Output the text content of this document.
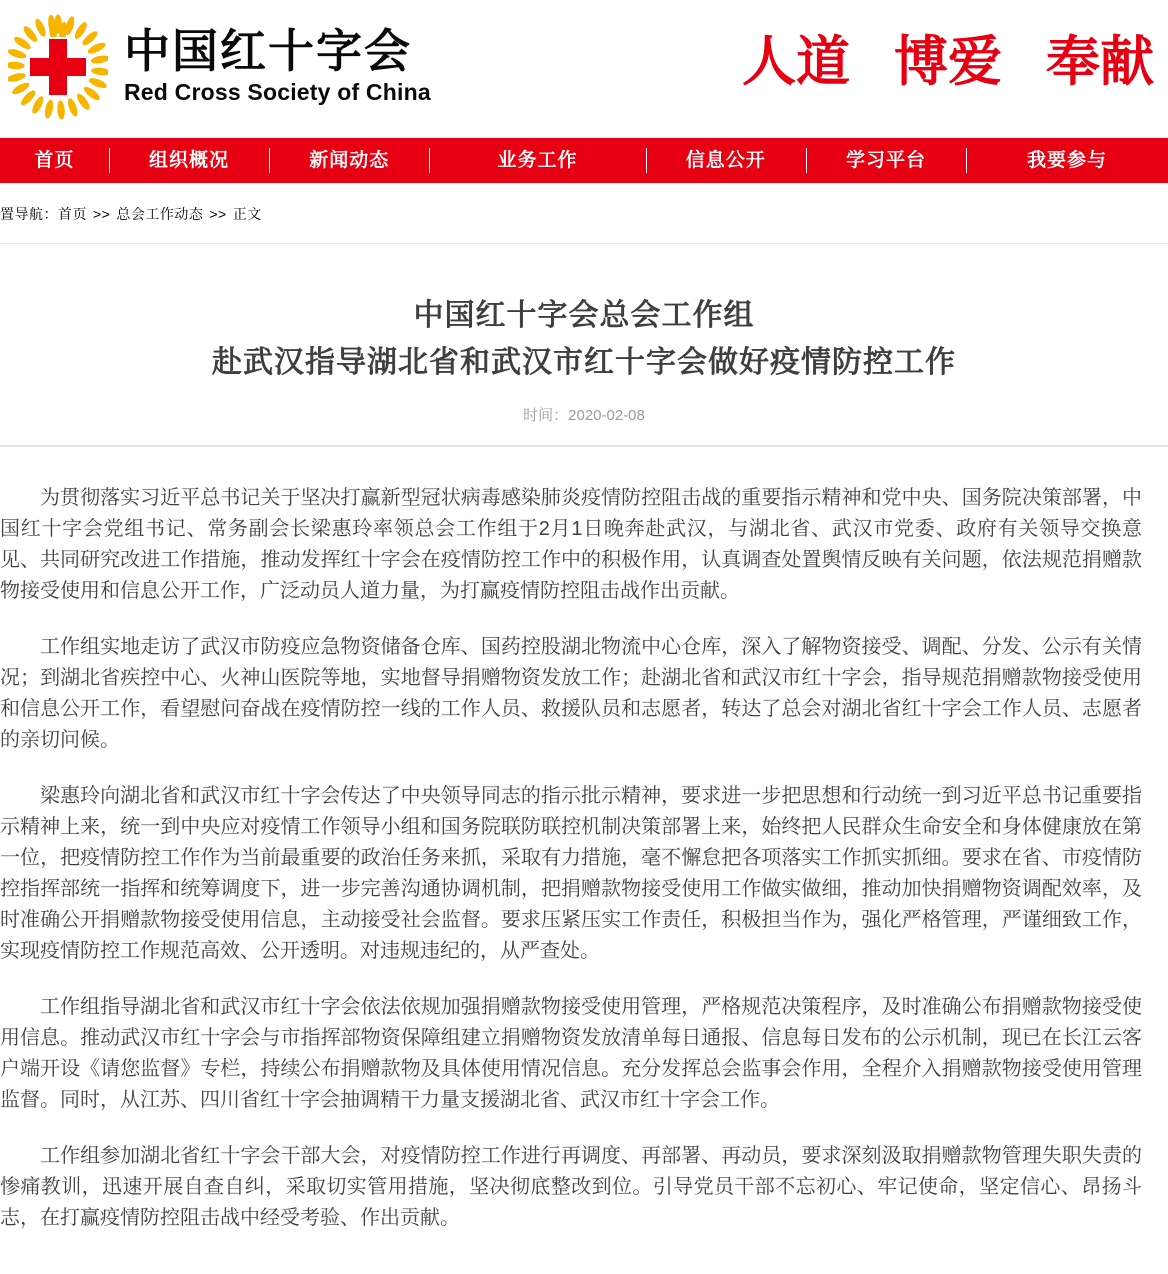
中国红十字会
Red Cross Society of China	人道 博爱 奉献
首页	组织概况	新闻动态	业务工作	信息公开	学习平台	我要参与
置导航：首页 >> 总会工作动态 >> 正文
中国红十字会总会工作组
赴武汉指导湖北省和武汉市红十字会做好疫情防控工作
时间：2020-02-08

为贯彻落实习近平总书记关于坚决打赢新型冠状病毒感染肺炎疫情防控阻击战的重要指示精神和党中央、国务院决策部署，中国红十字会党组书记、常务副会长梁惠玲率领总会工作组于2月1日晚奔赴武汉，与湖北省、武汉市党委、政府有关领导交换意见、共同研究改进工作措施，推动发挥红十字会在疫情防控工作中的积极作用，认真调查处置舆情反映有关问题，依法规范捐赠款物接受使用和信息公开工作，广泛动员人道力量，为打赢疫情防控阻击战作出贡献。

工作组实地走访了武汉市防疫应急物资储备仓库、国药控股湖北物流中心仓库，深入了解物资接受、调配、分发、公示有关情况；到湖北省疾控中心、火神山医院等地，实地督导捐赠物资发放工作；赴湖北省和武汉市红十字会，指导规范捐赠款物接受使用和信息公开工作，看望慰问奋战在疫情防控一线的工作人员、救援队员和志愿者，转达了总会对湖北省红十字会工作人员、志愿者的亲切问候。

梁惠玲向湖北省和武汉市红十字会传达了中央领导同志的指示批示精神，要求进一步把思想和行动统一到习近平总书记重要指示精神上来，统一到中央应对疫情工作领导小组和国务院联防联控机制决策部署上来，始终把人民群众生命安全和身体健康放在第一位，把疫情防控工作作为当前最重要的政治任务来抓，采取有力措施，毫不懈怠把各项落实工作抓实抓细。要求在省、市疫情防控指挥部统一指挥和统筹调度下，进一步完善沟通协调机制，把捐赠款物接受使用工作做实做细，推动加快捐赠物资调配效率，及时准确公开捐赠款物接受使用信息，主动接受社会监督。要求压紧压实工作责任，积极担当作为，强化严格管理，严谨细致工作，实现疫情防控工作规范高效、公开透明。对违规违纪的，从严查处。

工作组指导湖北省和武汉市红十字会依法依规加强捐赠款物接受使用管理，严格规范决策程序，及时准确公布捐赠款物接受使用信息。推动武汉市红十字会与市指挥部物资保障组建立捐赠物资发放清单每日通报、信息每日发布的公示机制，现已在长江云客户端开设《请您监督》专栏，持续公布捐赠款物及具体使用情况信息。充分发挥总会监事会作用，全程介入捐赠款物接受使用管理监督。同时，从江苏、四川省红十字会抽调精干力量支援湖北省、武汉市红十字会工作。

工作组参加湖北省红十字会干部大会，对疫情防控工作进行再调度、再部署、再动员，要求深刻汲取捐赠款物管理失职失责的惨痛教训，迅速开展自查自纠，采取切实管用措施，坚决彻底整改到位。引导党员干部不忘初心、牢记使命，坚定信心、昂扬斗志，在打赢疫情防控阻击战中经受考验、作出贡献。
